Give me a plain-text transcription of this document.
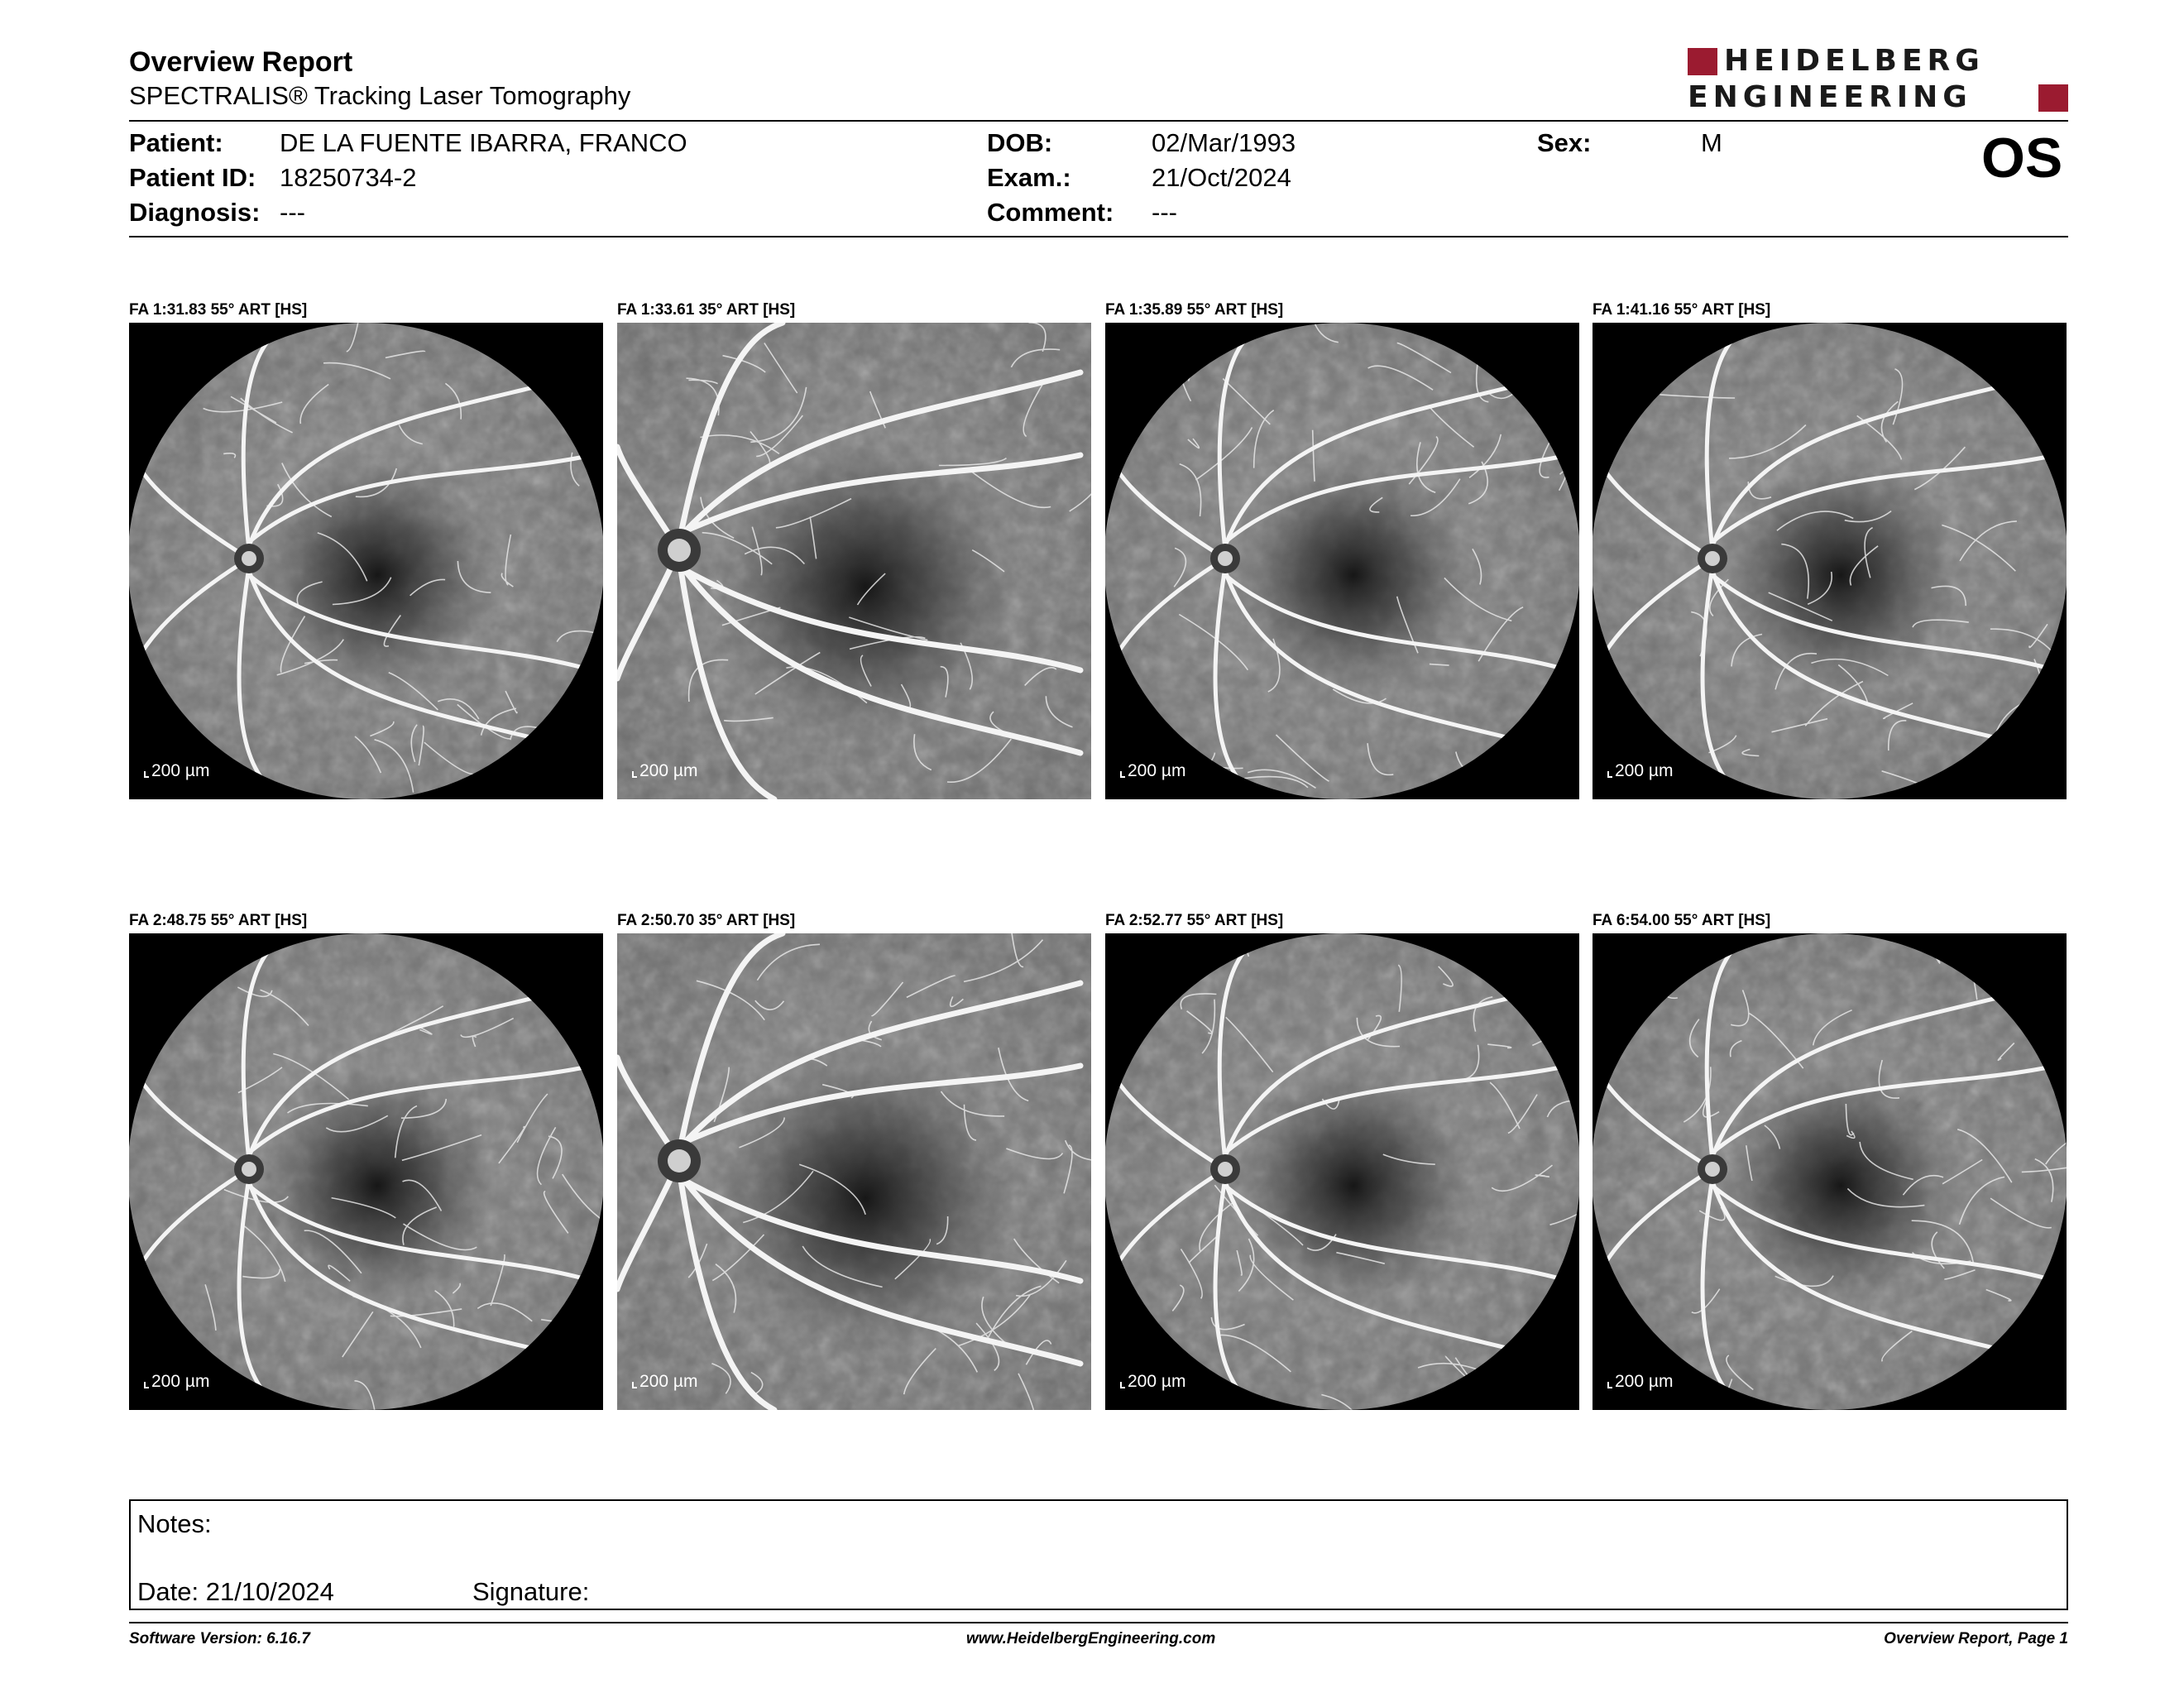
Overview Report
SPECTRALIS® Tracking Laser Tomography
HEIDELBERG
ENGINEERING
Patient: DE LA FUENTE IBARRA, FRANCO
Patient ID: 18250734-2
Diagnosis: ---
DOB:	02/Mar/1993
Exam.:	21/Oct/2024
Comment: ---
Sex:	M	OS
FA 1:31.83 55° ART [HS]
200 µm
FA 1:33.61 35° ART [HS]
200 µm
FA 1:35.89 55° ART [HS]
200 µm
FA 1:41.16 55° ART [HS]
200 µm
FA 2:48.75 55° ART [HS]
200 µm
FA 2:50.70 35° ART [HS]
200 µm
FA 2:52.77 55° ART [HS]
200 µm
FA 6:54.00 55° ART [HS]
200 µm
Notes:
Date: 21/10/2024	Signature:
Software Version: 6.16.7	www.HeidelbergEngineering.com	Overview Report, Page 1
